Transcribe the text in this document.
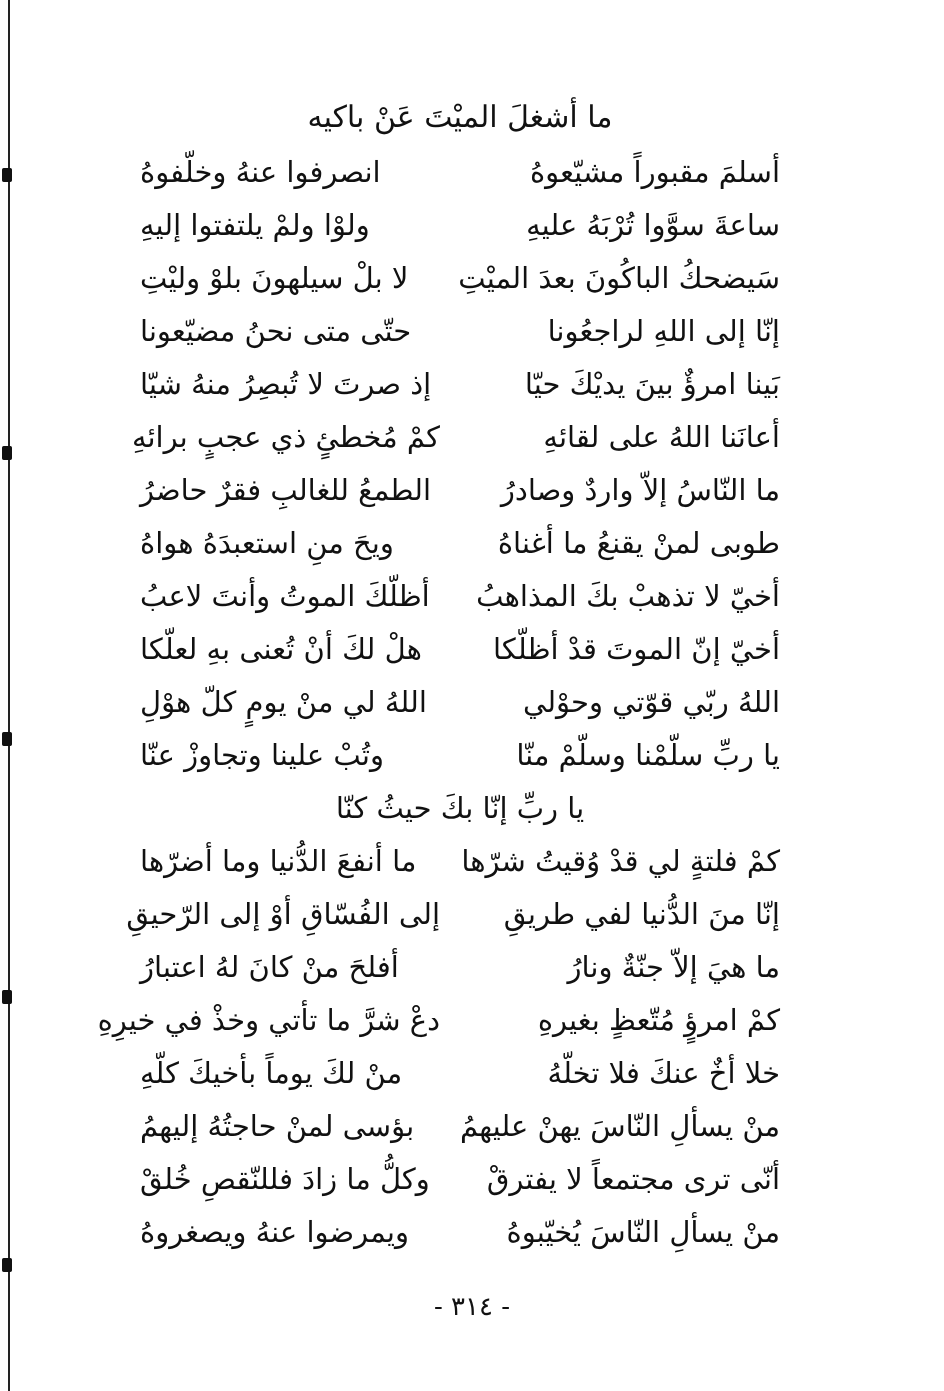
ما أشغلَ الميْتَ عَنْ باكيه
أسلمَ مقبوراً مشيّعوهُ
انصرفوا عنهُ وخلّفوهُ
ساعةَ سوَّوا تُرْبَهُ عليهِ
ولوْا ولمْ يلتفتوا إليهِ
سَيضحكُ الباكُونَ بعدَ الميْتِ
لا بلْ سيلهونَ بلوْ وليْتِ
إنّا إلى اللهِ لراجعُونا
حتّى متى نحنُ مضيّعونا
بَينا امرؤٌ بينَ يديْكَ حيّا
إذ صرتَ لا تُبصِرُ منهُ شيّا
أعانَنا اللهُ على لقائهِ
كمْ مُخطئٍ ذي عجبٍ برائهِ
ما النّاسُ إلاّ واردٌ وصادرُ
الطمعُ للغالبِ فقرٌ حاضرُ
طوبى لمنْ يقنعُ ما أغناهُ
ويحَ منِ استعبدَهُ هواهُ
أخيّ لا تذهبْ بكَ المذاهبُ
أظلّكَ الموتُ وأنتَ لاعبُ
أخيّ إنّ الموتَ قدْ أظلّكا
هلْ لكَ أنْ تُعنى بهِ لعلّكا
اللهُ ربّي قوّتي وحوْلي
اللهُ لي منْ يومٍ كلّ هوْلِ
يا ربِّ سلّمْنا وسلّمْ منّا
وتُبْ علينا وتجاوزْ عنّا
يا ربِّ إنّا بكَ حيثُ كنّا
كمْ فلتةٍ لي قدْ وُقيتُ شرّها
ما أنفعَ الدُّنيا وما أضرّها
إنّا منَ الدُّنيا لفي طريقِ
إلى الفُسّاقِ أوْ إلى الرّحيقِ
ما هيَ إلاّ جنّةٌ ونارُ
أفلحَ منْ كانَ لهُ اعتبارُ
كمْ امرؤٍ مُتّعظٍ بغيرهِ
دعْ شرَّ ما تأتي وخذْ في خيرِهِ
خلا أخٌ عنكَ فلا تخلّهُ
منْ لكَ يوماً بأخيكَ كلّهِ
منْ يسألِ النّاسَ يهنْ عليهمُ
بؤسى لمنْ حاجتُهُ إليهمُ
أنّى ترى مجتمعاً لا يفترقْ
وكلُّ ما زادَ فللنّقصِ خُلقْ
منْ يسألِ النّاسَ يُخيّبوهُ
ويمرضوا عنهُ ويصغروهُ
- ٣١٤ -
